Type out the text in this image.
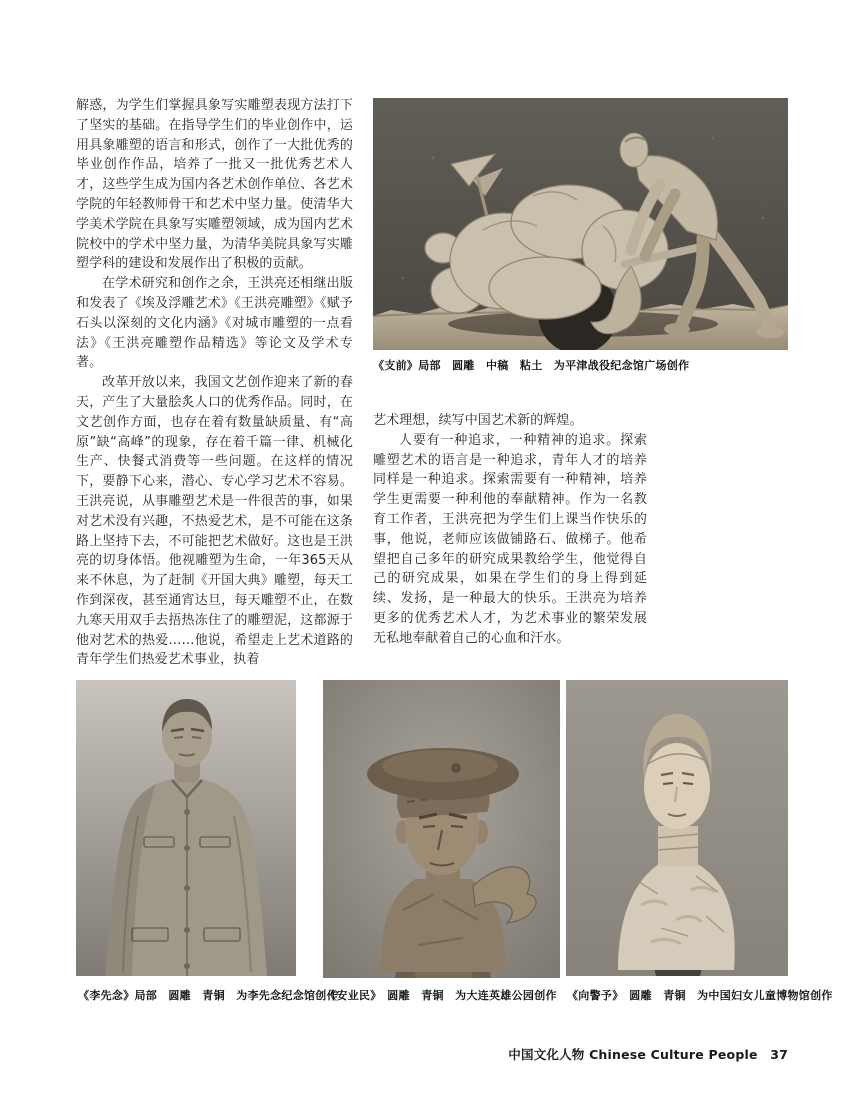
解惑，为学生们掌握具象写实雕塑表现方法打下了坚实的基础。在指导学生们的毕业创作中，运用具象雕塑的语言和形式，创作了一大批优秀的毕业创作作品，培养了一批又一批优秀艺术人才，这些学生成为国内各艺术创作单位、各艺术学院的年轻教师骨干和艺术中坚力量。使清华大学美术学院在具象写实雕塑领域，成为国内艺术院校中的学术中坚力量，为清华美院具象写实雕塑学科的建设和发展作出了积极的贡献。

在学术研究和创作之余，王洪亮还相继出版和发表了《埃及浮雕艺术》《王洪亮雕塑》《赋予石头以深刻的文化内涵》《对城市雕塑的一点看法》《王洪亮雕塑作品精选》等论文及学术专著。

改革开放以来，我国文艺创作迎来了新的春天，产生了大量脍炙人口的优秀作品。同时，在文艺创作方面，也存在着有数量缺质量、有“高原”缺“高峰”的现象，存在着千篇一律、机械化生产、快餐式消费等一些问题。在这样的情况下，要静下心来，潜心、专心学习艺术不容易。王洪亮说，从事雕塑艺术是一件很苦的事，如果对艺术没有兴趣，不热爱艺术，是不可能在这条路上坚持下去，不可能把艺术做好。这也是王洪亮的切身体悟。他视雕塑为生命，一年365天从来不休息，为了赶制《开国大典》雕塑，每天工作到深夜，甚至通宵达旦，每天雕塑不止，在数九寒天用双手去捂热冻住了的雕塑泥，这都源于他对艺术的热爱……他说，希望走上艺术道路的青年学生们热爱艺术事业，执着

《支前》局部　圆雕　中稿　粘土　为平津战役纪念馆广场创作

艺术理想，续写中国艺术新的辉煌。

人要有一种追求，一种精神的追求。探索雕塑艺术的语言是一种追求，青年人才的培养同样是一种追求。探索需要有一种精神，培养学生更需要一种利他的奉献精神。作为一名教育工作者，王洪亮把为学生们上课当作快乐的事，他说，老师应该做铺路石、做梯子。他希望把自己多年的研究成果教给学生，他觉得自己的研究成果，如果在学生们的身上得到延续、发扬，是一种最大的快乐。王洪亮为培养更多的优秀艺术人才，为艺术事业的繁荣发展无私地奉献着自己的心血和汗水。

《李先念》局部　圆雕　青铜　为李先念纪念馆创作
《安业民》　圆雕　青铜　为大连英雄公园创作 《向警予》　圆雕　青铜　为中国妇女儿童博物馆创作
中国文化人物 Chinese Culture People 37
